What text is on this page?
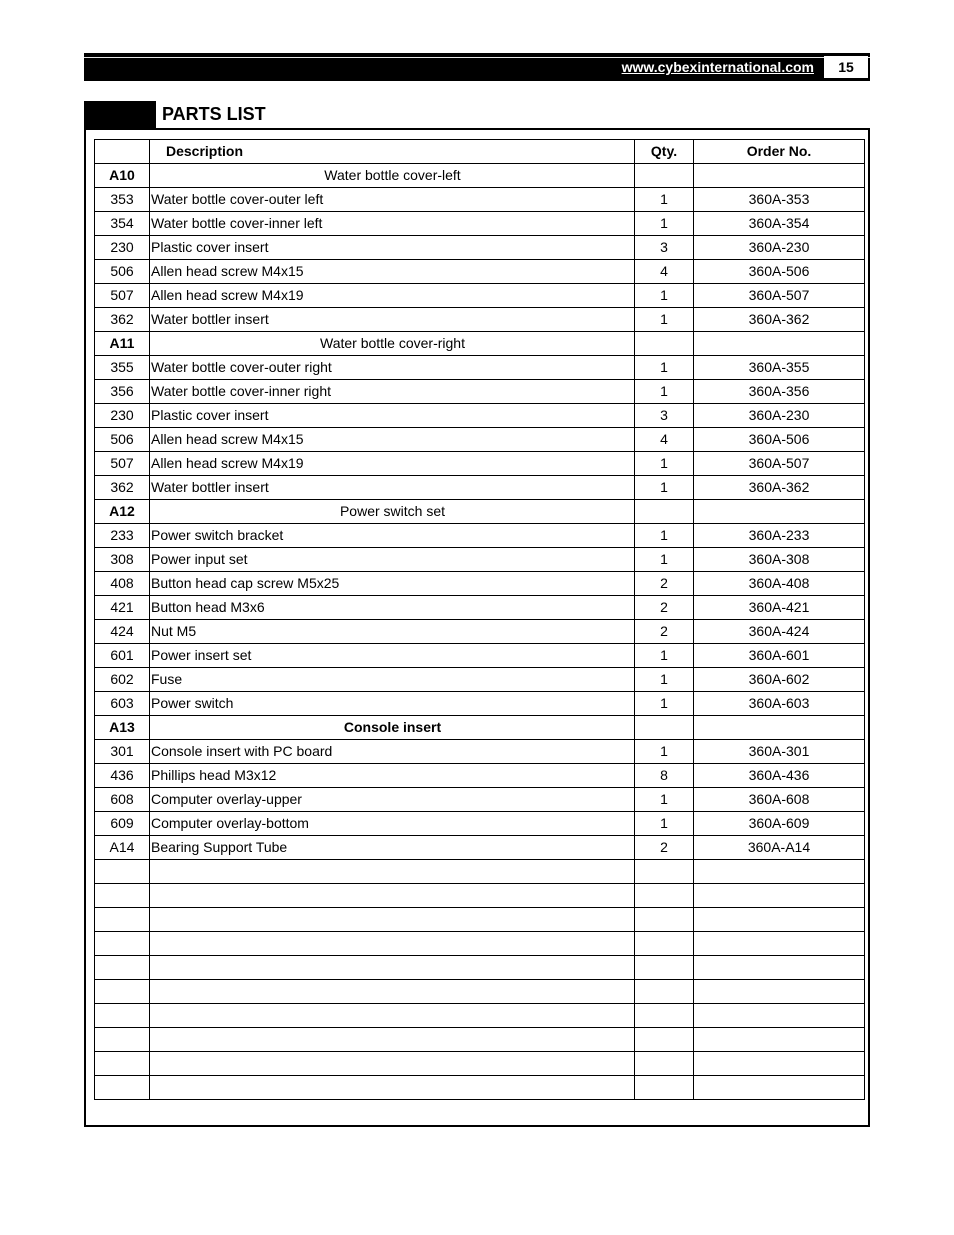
www.cybexinternational.com	15
PARTS LIST
	Description	Qty.	Order No.
A10	Water bottle cover-left		
353	Water bottle cover-outer left	1	360A-353
354	Water bottle cover-inner left	1	360A-354
230	Plastic cover insert	3	360A-230
506	Allen head screw M4x15	4	360A-506
507	Allen head screw M4x19	1	360A-507
362	Water bottler insert	1	360A-362
A11	Water bottle cover-right		
355	Water bottle cover-outer right	1	360A-355
356	Water bottle cover-inner right	1	360A-356
230	Plastic cover insert	3	360A-230
506	Allen head screw M4x15	4	360A-506
507	Allen head screw M4x19	1	360A-507
362	Water bottler insert	1	360A-362
A12	Power switch set		
233	Power switch bracket	1	360A-233
308	Power input set	1	360A-308
408	Button head cap screw M5x25	2	360A-408
421	Button head M3x6	2	360A-421
424	Nut M5	2	360A-424
601	Power insert set	1	360A-601
602	Fuse	1	360A-602
603	Power switch	1	360A-603
A13	Console insert		
301	Console insert with PC board	1	360A-301
436	Phillips head M3x12	8	360A-436
608	Computer overlay-upper	1	360A-608
609	Computer overlay-bottom	1	360A-609
A14	Bearing Support Tube	2	360A-A14
